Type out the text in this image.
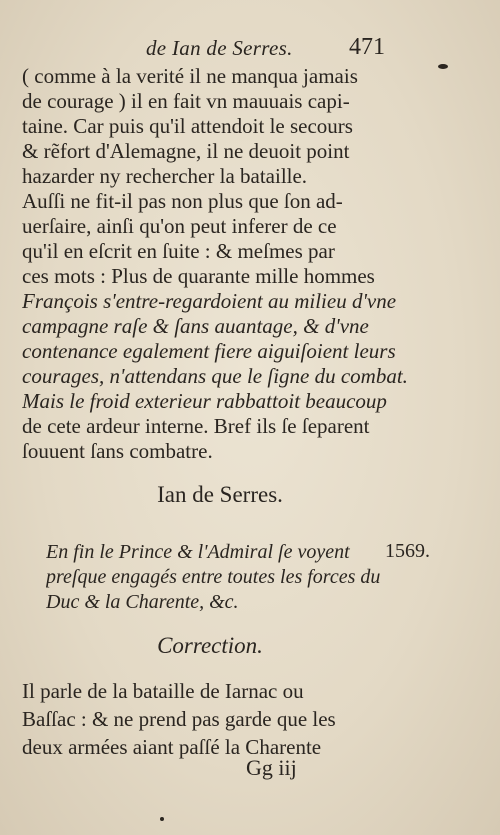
de Ian de Serres. 471
( comme à la verité il ne manqua jamais
de courage ) il en fait vn mauuais capi-
taine. Car puis qu'il attendoit le secours
& rẽfort d'Alemagne, il ne deuoit point
hazarder ny rechercher la bataille.
Auſſi ne fit-il pas non plus que ſon ad-
uerſaire, ainſi qu'on peut inferer de ce
qu'il en eſcrit en ſuite : & meſmes par
ces mots : Plus de quarante mille hommes
François s'entre-regardoient au milieu d'vne
campagne raſe & ſans auantage, & d'vne
contenance egalement fiere aiguiſoient leurs
courages, n'attendans que le ſigne du combat.
Mais le froid exterieur rabbattoit beaucoup
de cete ardeur interne. Bref ils ſe ſeparent
ſouuent ſans combatre.
Ian de Serres.
En fin le Prince & l'Admiral ſe voyent
preſque engagés entre toutes les forces du
Duc & la Charente, &c.
1569.
Correction.
Il parle de la bataille de Iarnac ou
Baſſac : & ne prend pas garde que les
deux armées aiant paſſé la Charente
Gg iij
